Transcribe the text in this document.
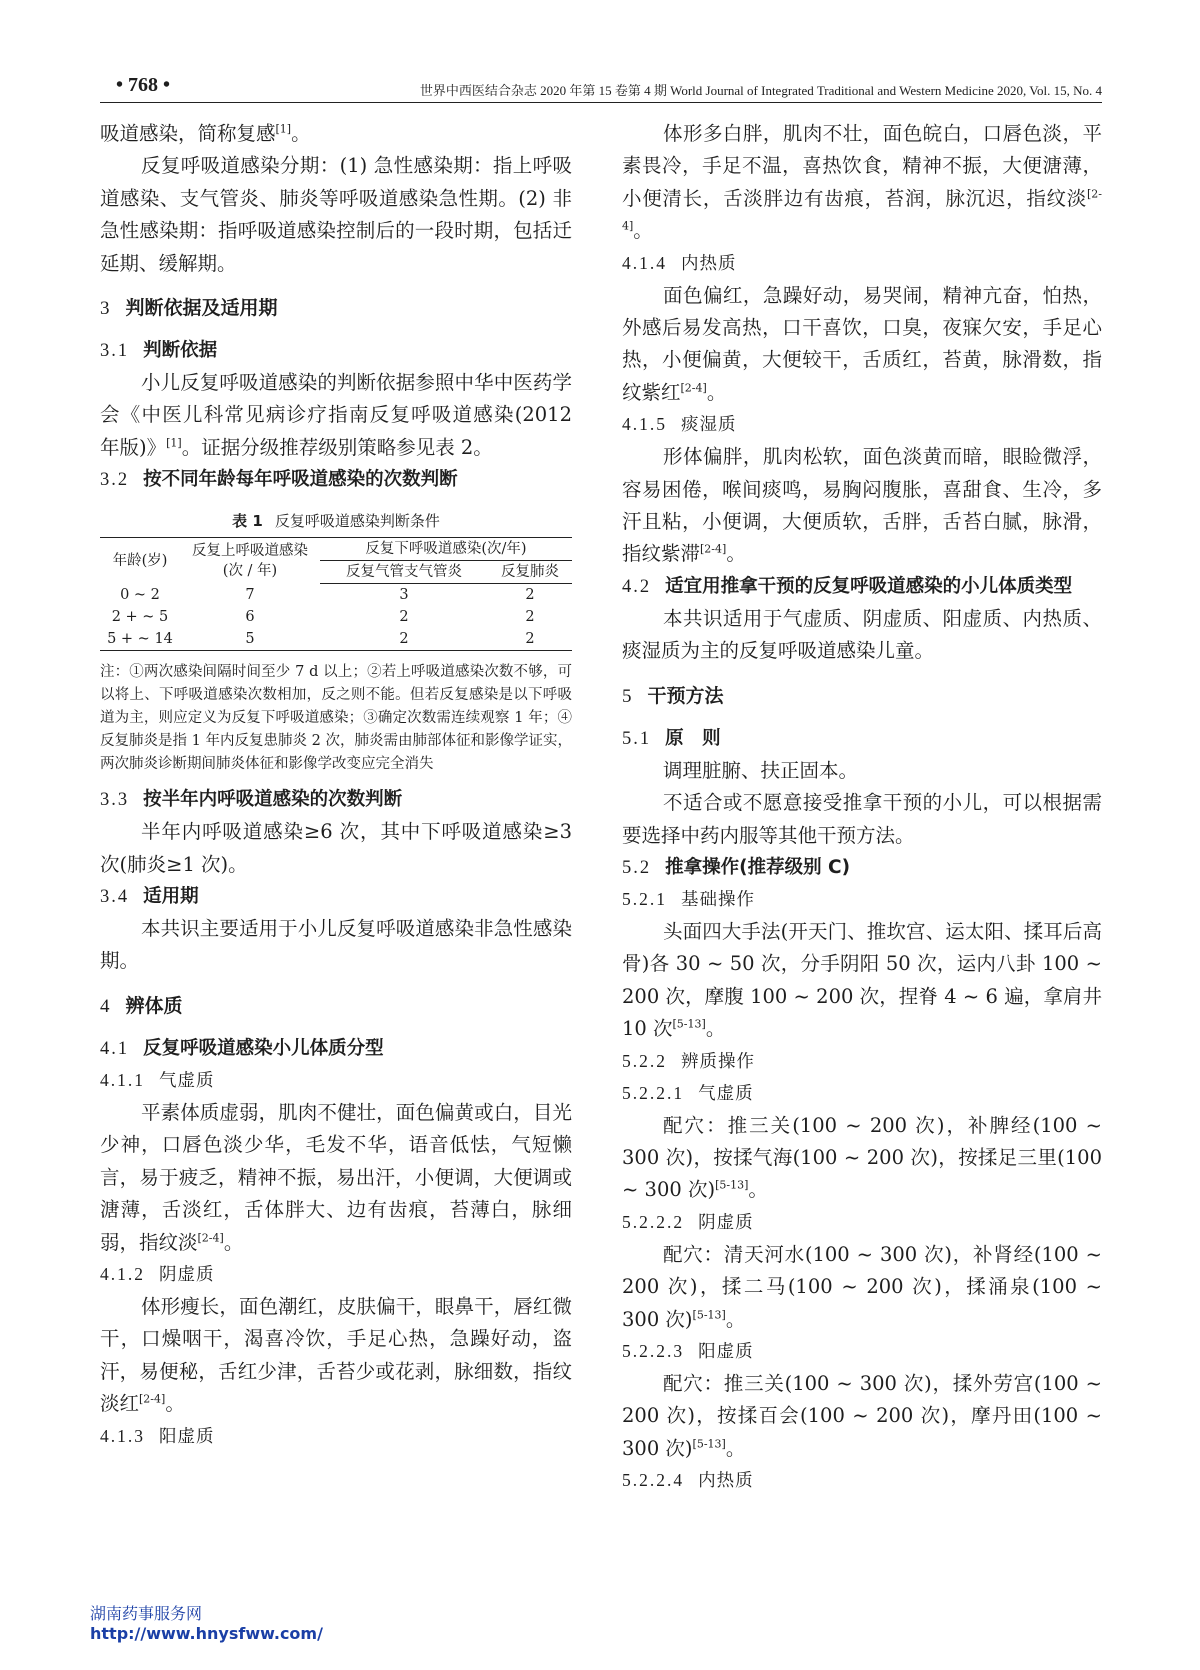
• 768 •	世界中西医结合杂志 2020 年第 15 卷第 4 期 World Journal of Integrated Traditional and Western Medicine 2020, Vol. 15, No. 4

吸道感染，简称复感[1]。

反复呼吸道感染分期：(1) 急性感染期：指上呼吸道感染、支气管炎、肺炎等呼吸道感染急性期。(2) 非急性感染期：指呼吸道感染控制后的一段时期，包括迁延期、缓解期。

3 判断依据及适用期
3.1 判断依据

小儿反复呼吸道感染的判断依据参照中华中医药学会《中医儿科常见病诊疗指南反复呼吸道感染(2012 年版)》[1]。证据分级推荐级别策略参见表 2。

3.2 按不同年龄每年呼吸道感染的次数判断
表 1 反复呼吸道感染判断条件
年龄(岁)	反复上呼吸道感染 (次 / 年)	反复下呼吸道感染(次/年)	
		反复气管支气管炎	反复肺炎
0 ~ 2	7	3	2
2 + ~ 5	6	2	2
5 + ~ 14	5	2	2

注：①两次感染间隔时间至少 7 d 以上；②若上呼吸道感染次数不够，可以将上、下呼吸道感染次数相加，反之则不能。但若反复感染是以下呼吸道为主，则应定义为反复下呼吸道感染；③确定次数需连续观察 1 年；④反复肺炎是指 1 年内反复患肺炎 2 次，肺炎需由肺部体征和影像学证实，两次肺炎诊断期间肺炎体征和影像学改变应完全消失

3.3 按半年内呼吸道感染的次数判断

半年内呼吸道感染≥6 次，其中下呼吸道感染≥3 次(肺炎≥1 次)。

3.4 适用期

本共识主要适用于小儿反复呼吸道感染非急性感染期。

4 辨体质
4.1 反复呼吸道感染小儿体质分型
4.1.1 气虚质

平素体质虚弱，肌肉不健壮，面色偏黄或白，目光少神，口唇色淡少华，毛发不华，语音低怯，气短懒言，易于疲乏，精神不振，易出汗，小便调，大便调或溏薄，舌淡红，舌体胖大、边有齿痕，苔薄白，脉细弱，指纹淡[2-4]。

4.1.2 阴虚质

体形瘦长，面色潮红，皮肤偏干，眼鼻干，唇红微干，口燥咽干，渴喜冷饮，手足心热，急躁好动，盗汗，易便秘，舌红少津，舌苔少或花剥，脉细数，指纹淡红[2-4]。

4.1.3 阳虚质

体形多白胖，肌肉不壮，面色皖白，口唇色淡，平素畏冷，手足不温，喜热饮食，精神不振，大便溏薄，小便清长，舌淡胖边有齿痕，苔润，脉沉迟，指纹淡[2-4]。

4.1.4 内热质

面色偏红，急躁好动，易哭闹，精神亢奋，怕热，外感后易发高热，口干喜饮，口臭，夜寐欠安，手足心热，小便偏黄，大便较干，舌质红，苔黄，脉滑数，指纹紫红[2-4]。

4.1.5 痰湿质

形体偏胖，肌肉松软，面色淡黄而暗，眼睑微浮，容易困倦，喉间痰鸣，易胸闷腹胀，喜甜食、生冷，多汗且粘，小便调，大便质软，舌胖，舌苔白腻，脉滑，指纹紫滞[2-4]。

4.2 适宜用推拿干预的反复呼吸道感染的小儿体质类型

本共识适用于气虚质、阴虚质、阳虚质、内热质、痰湿质为主的反复呼吸道感染儿童。

5 干预方法
5.1 原　则

调理脏腑、扶正固本。

不适合或不愿意接受推拿干预的小儿，可以根据需要选择中药内服等其他干预方法。

5.2 推拿操作(推荐级别 C)
5.2.1 基础操作

头面四大手法(开天门、推坎宫、运太阳、揉耳后高骨)各 30 ~ 50 次，分手阴阳 50 次，运内八卦 100 ~ 200 次，摩腹 100 ~ 200 次，捏脊 4 ~ 6 遍，拿肩井 10 次[5-13]。

5.2.2 辨质操作
5.2.2.1 气虚质

配穴：推三关(100 ~ 200 次)，补脾经(100 ~ 300 次)，按揉气海(100 ~ 200 次)，按揉足三里(100 ~ 300 次)[5-13]。

5.2.2.2 阴虚质

配穴：清天河水(100 ~ 300 次)，补肾经(100 ~ 200 次)，揉二马(100 ~ 200 次)，揉涌泉(100 ~ 300 次)[5-13]。

5.2.2.3 阳虚质

配穴：推三关(100 ~ 300 次)，揉外劳宫(100 ~ 200 次)，按揉百会(100 ~ 200 次)，摩丹田(100 ~ 300 次)[5-13]。

5.2.2.4 内热质
湖南药事服务网
http://www.hnysfww.com/
